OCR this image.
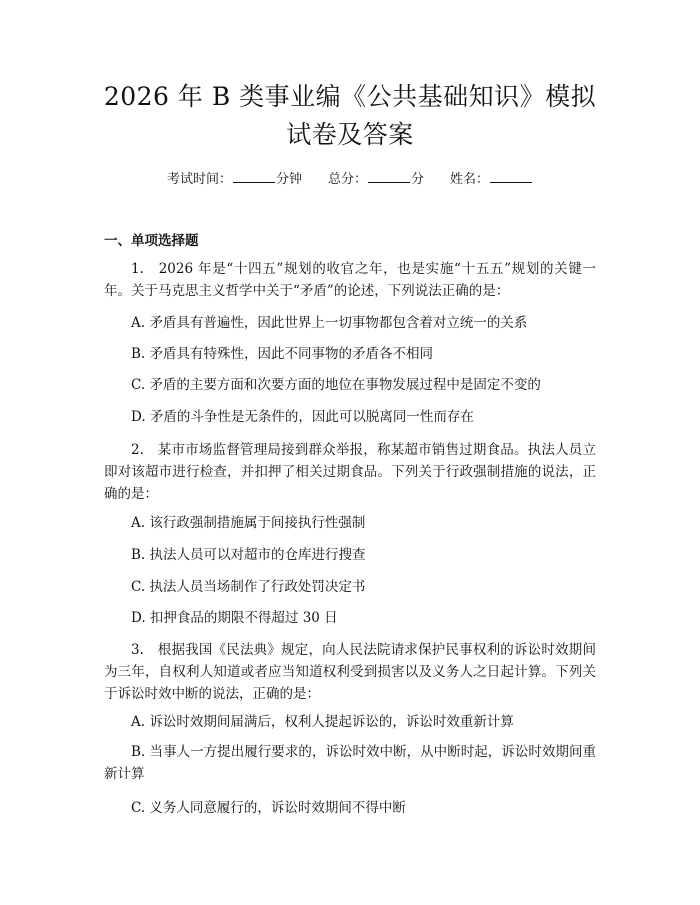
2026 年 B 类事业编《公共基础知识》模拟试卷及答案
考试时间：	分钟 总分：	分 姓名：
一、单项选择题
1.　2026 年是“十四五”规划的收官之年，也是实施“十五五”规划的关键一年。关于马克思主义哲学中关于“矛盾”的论述，下列说法正确的是：
A. 矛盾具有普遍性，因此世界上一切事物都包含着对立统一的关系
B. 矛盾具有特殊性，因此不同事物的矛盾各不相同
C. 矛盾的主要方面和次要方面的地位在事物发展过程中是固定不变的
D. 矛盾的斗争性是无条件的，因此可以脱离同一性而存在
2.　某市市场监督管理局接到群众举报，称某超市销售过期食品。执法人员立即对该超市进行检查，并扣押了相关过期食品。下列关于行政强制措施的说法，正确的是：
A. 该行政强制措施属于间接执行性强制
B. 执法人员可以对超市的仓库进行搜查
C. 执法人员当场制作了行政处罚决定书
D. 扣押食品的期限不得超过 30 日
3.　根据我国《民法典》规定，向人民法院请求保护民事权利的诉讼时效期间为三年，自权利人知道或者应当知道权利受到损害以及义务人之日起计算。下列关于诉讼时效中断的说法，正确的是：
A. 诉讼时效期间届满后，权利人提起诉讼的，诉讼时效重新计算
B. 当事人一方提出履行要求的，诉讼时效中断，从中断时起，诉讼时效期间重新计算
C. 义务人同意履行的，诉讼时效期间不得中断
